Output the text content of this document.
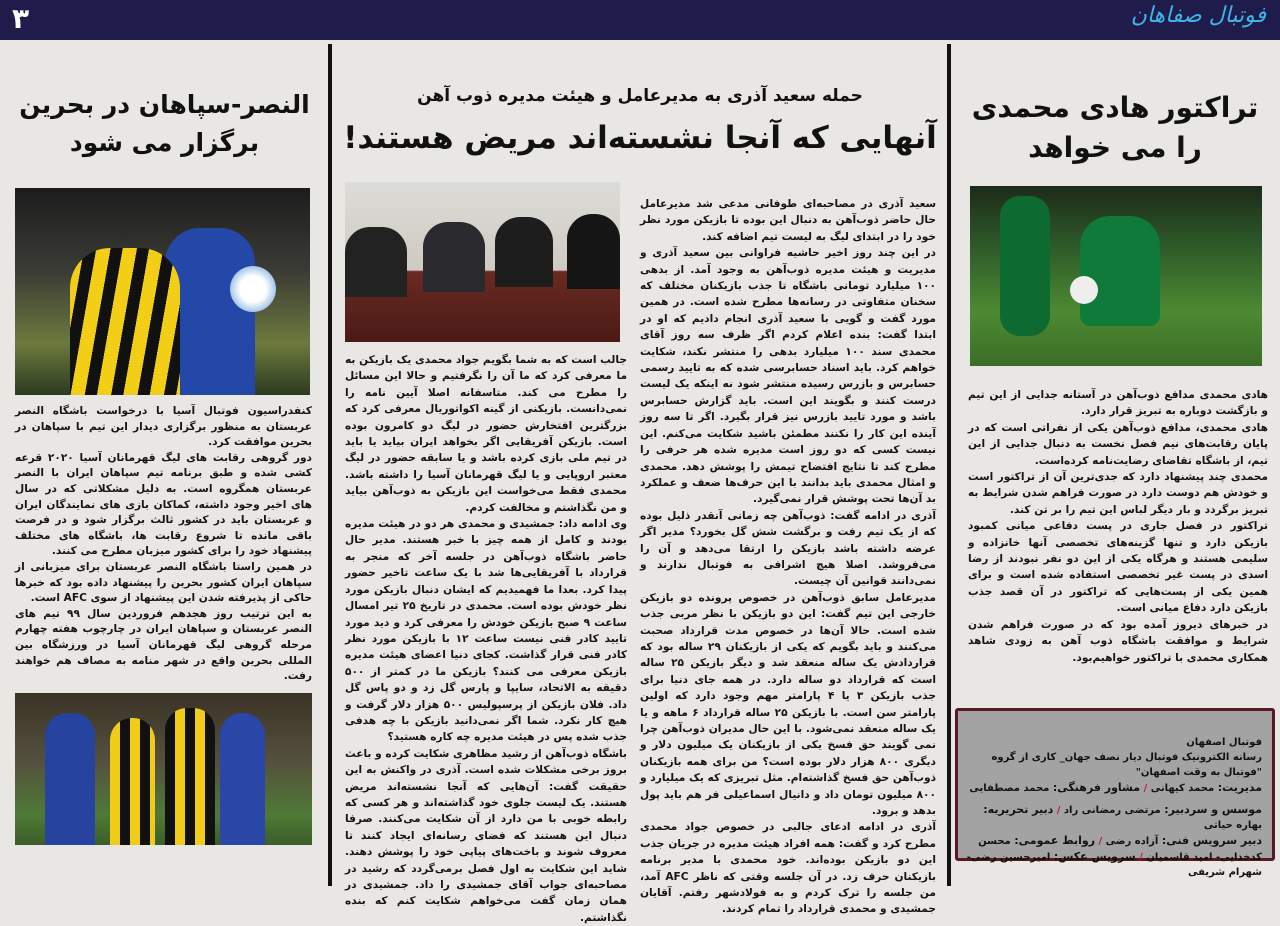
۳	فوتبال صفاهان
تراکتور هادی محمدی
را می خواهد

هادی محمدی مدافع ذوب‌آهن در آستانه جدایی از این تیم و بازگشت دوباره به تبریز قرار دارد.

هادی محمدی، مدافع ذوب‌آهن یکی از نفراتی است که در پایان رقابت‌های نیم فصل نخست به دنبال جدایی از این تیم، از باشگاه تقاضای رضایت‌نامه کرده‌است.

محمدی چند پیشنهاد دارد که جدی‌ترین آن از تراکتور است و خودش هم دوست دارد در صورت فراهم شدن شرایط به تبریز برگردد و بار دیگر لباس این تیم را بر تن کند.

تراکتور در فصل جاری در پست دفاعی میانی کمبود بازیکن دارد و تنها گزینه‌های تخصصی آنها خانزاده و سلیمی هستند و هرگاه یکی از این دو نفر نبودند از رضا اسدی در پست غیر تخصصی استفاده شده است و برای همین یکی از پست‌هایی که تراکتور در آن قصد جذب بازیکن دارد دفاع میانی است.

در خبرهای دیروز آمده بود که در صورت فراهم شدن شرایط و موافقت باشگاه ذوب آهن به زودی شاهد همکاری محمدی با تراکتور خواهیم‌بود.

فوتبال اصفهان
رسانه الکترونیک فوتبال دیار نصف جهان_ کاری از گروه "فوتبال به وقت اصفهان"
مدیریت: محمد کیهانی / مشاور فرهنگی: محمد مصطفایی
موسس و سردبیر: مرتضی رمضانی راد / دبیر تحریریه: بهاره حیاتی
دبیر سرویس فنی: آزاده رضی / روابط عمومی: محسن کدخدایی- امید قاسمیان / سرویس عکس: امیرحسین رضی- شهرام شریفی
حمله سعید آذری به مدیرعامل و هیئت مدیره ذوب آهن
آنهایی که آنجا نشسته‌اند مریض هستند!

سعید آذری در مصاحبه‌ای طوفانی مدعی شد مدیرعامل حال حاضر ذوب‌آهن به دنبال این بوده تا بازیکن مورد نظر خود را در ابتدای لیگ به لیست تیم اضافه کند.

در این چند روز اخیر حاشیه فراوانی بین سعید آذری و مدیریت و هیئت مدیره ذوب‌آهن به وجود آمد. از بدهی ۱۰۰ میلیارد تومانی باشگاه تا جذب بازیکنان مختلف که سخنان متفاوتی در رسانه‌ها مطرح شده است. در همین مورد گفت و گویی با سعید آذری انجام دادیم که او در ابتدا گفت: بنده اعلام کردم اگر ظرف سه روز آقای محمدی سند ۱۰۰ میلیارد بدهی را منتشر نکند، شکایت خواهم کرد. باید اسناد حسابرسی شده که به تایید رسمی حسابرس و بازرس رسیده منتشر شود نه اینکه یک لیست درست کنند و بگویند این است. باید گزارش حسابرس باشد و مورد تایید بازرس نیز قرار بگیرد. اگر تا سه روز آینده این کار را نکنند مطمئن باشید شکایت می‌کنم. این نیست کسی که دو روز است مدیره شده هر حرفی را مطرح کند تا نتایج افتضاح تیمش را پوشش دهد. محمدی و امثال محمدی باید بدانند با این حرف‌ها ضعف و عملکرد بد آن‌ها تحت پوشش قرار نمی‌گیرد.

آذری در ادامه گفت: ذوب‌آهن چه زمانی آنقدر ذلیل بوده که از یک تیم رفت و برگشت شش گل بخورد؟ مدیر اگر عرضه داشته باشد بازیکن را ارتقا می‌دهد و آن را می‌فروشد. اصلا هیچ اشرافی به فوتبال ندارند و نمی‌دانند قوانین آن چیست.

مدیرعامل سابق ذوب‌آهن در خصوص پرونده دو بازیکن خارجی این تیم گفت: این دو بازیکن با نظر مربی جذب شده است. حالا آن‌ها در خصوص مدت قرارداد صحبت می‌کنند و باید بگویم که یکی از بازیکنان ۲۹ ساله بود که قراردادش یک ساله منعقد شد و دیگر بازیکن ۲۵ ساله است که قرارداد دو ساله دارد. در همه جای دنیا برای جذب بازیکن ۳ یا ۴ پارامتر مهم وجود دارد که اولین پارامتر سن است. با بازیکن ۲۵ ساله قرارداد ۶ ماهه و یا یک ساله منعقد نمی‌شود. با این حال مدیران ذوب‌آهن چرا نمی گویند حق فسخ یکی از بازیکنان یک میلیون دلار و دیگری ۸۰۰ هزار دلار بوده است؟ من برای همه بازیکنان ذوب‌آهن حق فسخ گذاشته‌ام. مثل تبریزی که یک میلیارد و ۸۰۰ میلیون تومان داد و دانیال اسماعیلی فر هم باید پول بدهد و برود.

آذری در ادامه ادعای جالبی در خصوص جواد محمدی مطرح کرد و گفت: همه افراد هیئت مدیره در جریان جذب این دو بازیکن بوده‌اند. خود محمدی با مدیر برنامه بازیکنان حرف زد. در آن جلسه وقتی که ناظر AFC آمد، من جلسه را ترک کردم و به فولادشهر رفتم. آقایان جمشیدی و محمدی قرارداد را تمام کردند.

جالب است که به شما بگویم جواد محمدی یک بازیکن به ما معرفی کرد که ما آن را نگرفتیم و حالا این مسائل را مطرح می کند. متاسفانه اصلا آیین نامه را نمی‌دانست. بازیکنی از گینه اکواتوریال معرفی کرد که بزرگترین افتخارش حضور در لیگ دو کامرون بوده است. بازیکن آفریقایی اگر بخواهد ایران بیاید یا باید در تیم ملی بازی کرده باشد و یا سابقه حضور در لیگ معتبر اروپایی و یا لیگ قهرمانان آسیا را داشته باشد. محمدی فقط می‌خواست این بازیکن به ذوب‌آهن بیاید و من نگذاشتم و مخالفت کردم.

وی ادامه داد: جمشیدی و محمدی هر دو در هیئت مدیره بودند و کامل از همه چیز با خبر هستند. مدیر حال حاضر باشگاه ذوب‌آهن در جلسه آخر که منجر به قرارداد با آفریقایی‌ها شد با یک ساعت تاخیر حضور پیدا کرد. بعدا ما فهمیدیم که ایشان دنبال بازیکن مورد نظر خودش بوده است. محمدی در تاریخ ۲۵ تیر امسال ساعت ۹ صبح بازیکن خودش را معرفی کرد و دید مورد تایید کادر فنی نیست ساعت ۱۲ با بازیکن مورد نظر کادر فنی قرار گذاشت. کجای دنیا اعضای هیئت مدیره بازیکن معرفی می کنند؟ بازیکن ما در کمتر از ۵۰۰ دقیقه به الاتحاد، سایپا و پارس گل زد و دو پاس گل داد. فلان بازیکن از پرسپولیس ۵۰۰ هزار دلار گرفت و هیچ کار نکرد. شما اگر نمی‌دانید بازیکن با چه هدفی جذب شده پس در هیئت مدیره چه کاره هستید؟

باشگاه ذوب‌آهن از رشید مظاهری شکایت کرده و باعث بروز برخی مشکلات شده است. آذری در واکنش به این حقیقت گفت: آن‌هایی که آنجا نشسته‌اند مریض هستند. یک لیست جلوی خود گذاشته‌اند و هر کسی که رابطه خوبی با من دارد از آن شکایت می‌کنند. صرفا دنبال این هستند که فضای رسانه‌ای ایجاد کنند تا معروف شوند و باخت‌های پیاپی خود را پوشش دهند. شاید این شکایت به اول فصل برمی‌گردد که رشید در مصاحبه‌ای جواب آقای جمشیدی را داد. جمشیدی در همان زمان گفت می‌خواهم شکایت کنم که بنده نگذاشتم.

النصر-سپاهان در بحرین
برگزار می شود

کنفدراسیون فوتبال آسیا با درخواست باشگاه النصر عربستان به منظور برگزاری دیدار این تیم با سپاهان در بحرین موافقت کرد.

دور گروهی رقابت های لیگ قهرمانان آسیا ۲۰۲۰ قرعه کشی شده و طبق برنامه تیم سپاهان ایران با النصر عربستان همگروه است. به دلیل مشکلاتی که در سال های اخیر وجود داشته، کماکان بازی های نمایندگان ایران و عربستان باید در کشور ثالث برگزار شود و در فرصت باقی مانده تا شروع رقابت ها، باشگاه های مختلف پیشنهاد خود را برای کشور میزبان مطرح می کنند.

در همین راستا باشگاه النصر عربستان برای میزبانی از سپاهان ایران کشور بحرین را پیشنهاد داده بود که خبرها حاکی از پذیرفته شدن این پیشنهاد از سوی AFC است.

به این ترتیب روز هجدهم فروردین سال ۹۹ تیم های النصر عربستان و سپاهان ایران در چارچوب هفته چهارم مرحله گروهی لیگ قهرمانان آسیا در ورزشگاه بین المللی بحرین واقع در شهر منامه به مصاف هم خواهند رفت.
